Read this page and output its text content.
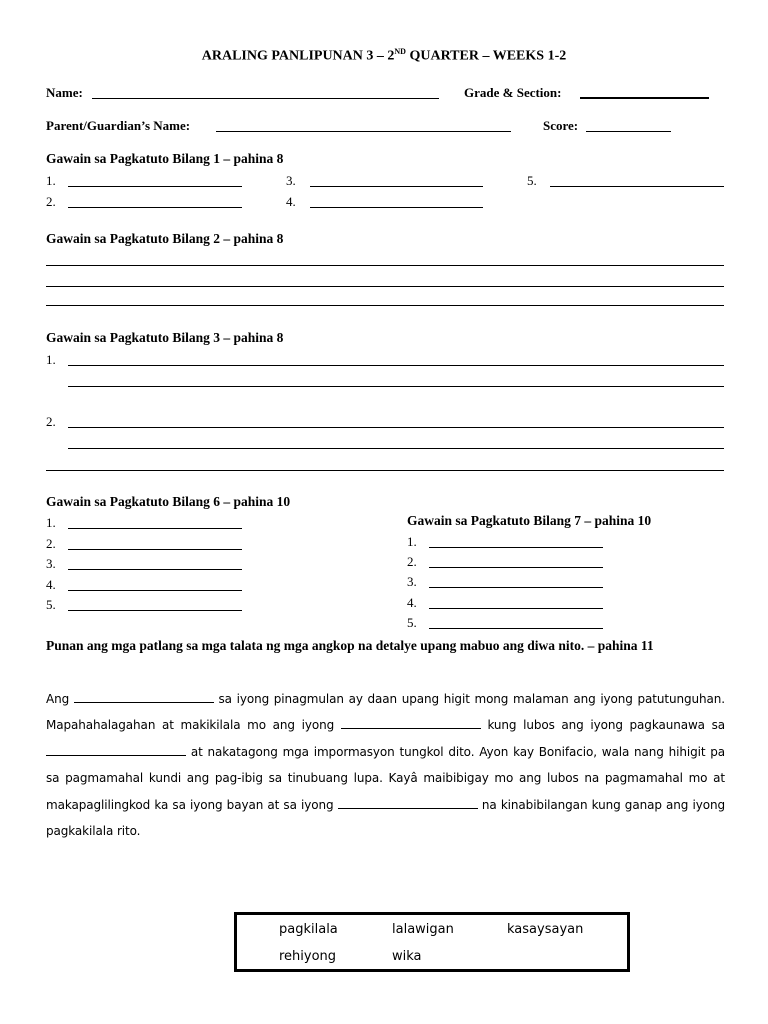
ARALING PANLIPUNAN 3 – 2ND QUARTER – WEEKS 1-2
Name:	Grade & Section:
Parent/Guardian’s Name:	Score:
Gawain sa Pagkatuto Bilang 1 – pahina 8
1.
2.
3.
4.
5.
Gawain sa Pagkatuto Bilang 2 – pahina 8
Gawain sa Pagkatuto Bilang 3 – pahina 8
1.
2.
Gawain sa Pagkatuto Bilang 6 – pahina 10
1.
2.
3.
4.
5.
Gawain sa Pagkatuto Bilang 7 – pahina 10
1.
2.
3.
4.
5.
Punan ang mga patlang sa mga talata ng mga angkop na detalye upang mabuo ang diwa nito. – pahina 11
Ang	sa iyong pinagmulan ay daan upang higit mong malaman ang iyong patutunguhan. Mapahahalagahan at makikilala mo ang iyong	kung lubos ang iyong pagkaunawa sa  at nakatagong mga impormasyon tungkol dito. Ayon kay Bonifacio, wala nang hihigit pa sa pagmamahal kundi ang pag-ibig sa tinubuang lupa. Kayâ maibibigay mo ang lubos na pagmamahal mo at makapaglilingkod ka sa iyong bayan at sa iyong	na kinabibilangan kung ganap ang iyong pagkakilala rito.
pagkilala	lalawigan	kasaysayan
rehiyong	wika
